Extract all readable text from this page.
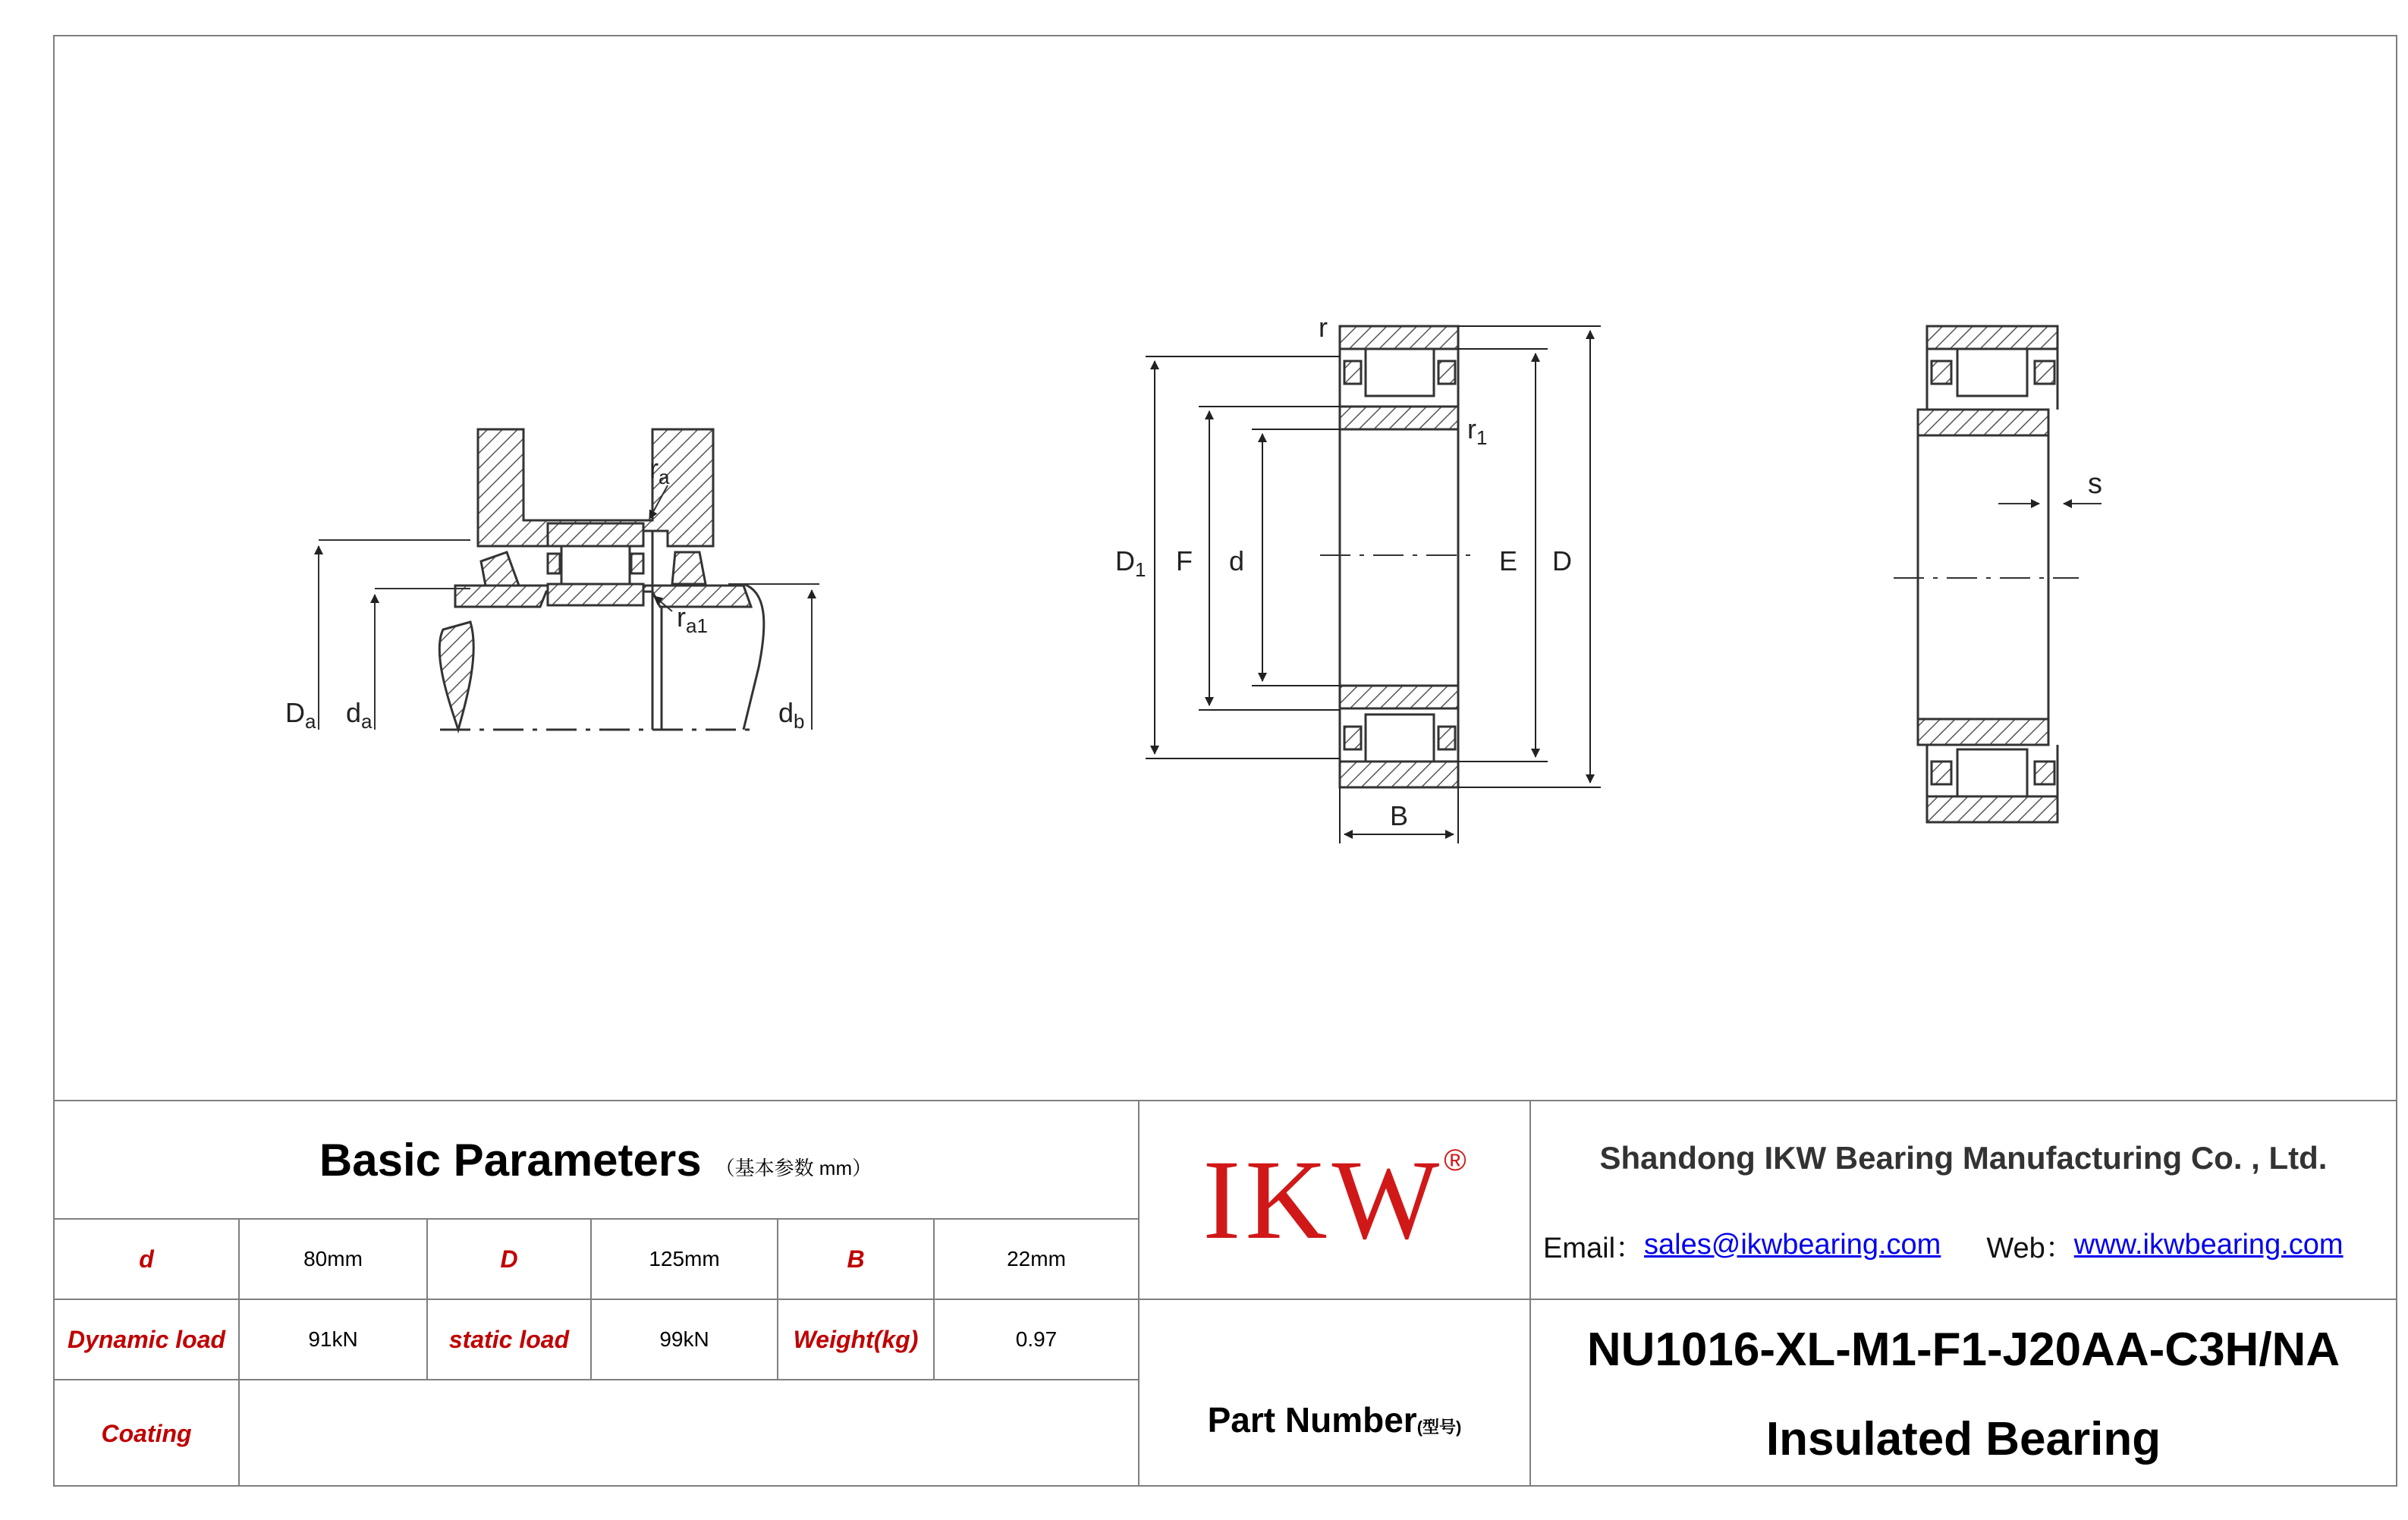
$D_a$ $d_a$	$d_b$
$r_a$
$r_{a1}$
r
$r_1$
$D_1$ F d	E D
B
s
Basic Parameters （基本参数 mm）
d	80mm	D	125mm	B	22mm
Dynamic load	91kN	static load	99kN	Weight(kg)	0.97
Coating
IKW ®
Part Number (型号)
Shandong IKW Bearing Manufacturing Co. , Ltd.
Email： sales@ikwbearing.com Web： www.ikwbearing.com
NU1016-XL-M1-F1-J20AA-C3H/NA
Insulated Bearing
